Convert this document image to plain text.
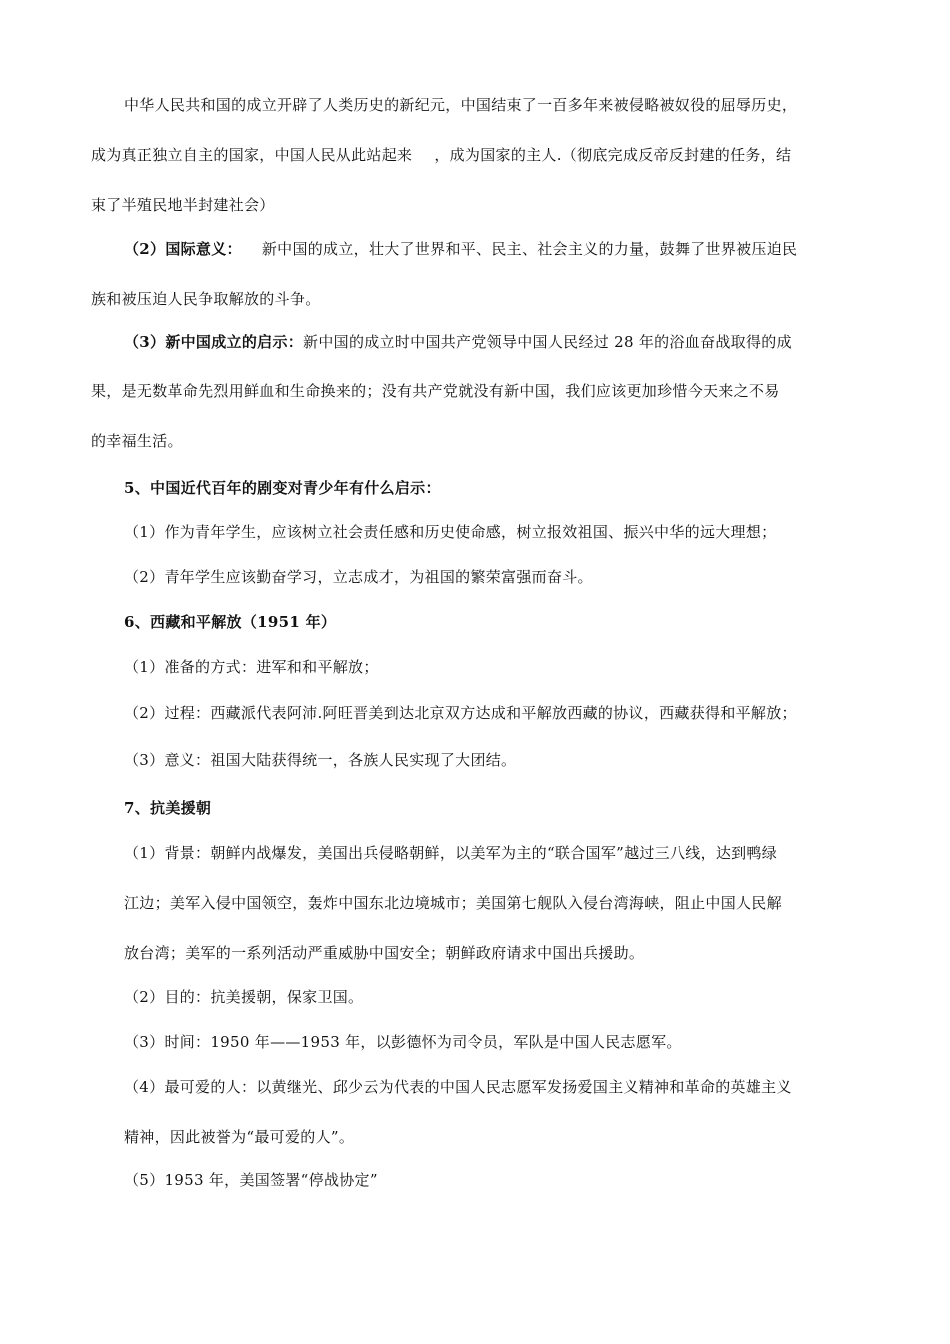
中华人民共和国的成立开辟了人类历史的新纪元，中国结束了一百多年来被侵略被奴役的屈辱历史，
成为真正独立自主的国家，中国人民从此站起来 ，成为国家的主人.（彻底完成反帝反封建的任务，结
束了半殖民地半封建社会）
（2）国际意义： 新中国的成立，壮大了世界和平、民主、社会主义的力量，鼓舞了世界被压迫民
族和被压迫人民争取解放的斗争。
（3）新中国成立的启示：新中国的成立时中国共产党领导中国人民经过 28 年的浴血奋战取得的成
果，是无数革命先烈用鲜血和生命换来的；没有共产党就没有新中国，我们应该更加珍惜今天来之不易
的幸福生活。
5、中国近代百年的剧变对青少年有什么启示：
（1）作为青年学生，应该树立社会责任感和历史使命感，树立报效祖国、振兴中华的远大理想；
（2）青年学生应该勤奋学习，立志成才，为祖国的繁荣富强而奋斗。
6、西藏和平解放（1951 年）
（1）准备的方式：进军和和平解放；
（2）过程：西藏派代表阿沛.阿旺晋美到达北京双方达成和平解放西藏的协议，西藏获得和平解放；
（3）意义：祖国大陆获得统一，各族人民实现了大团结。
7、抗美援朝
（1）背景：朝鲜内战爆发，美国出兵侵略朝鲜，以美军为主的“联合国军”越过三八线，达到鸭绿
江边；美军入侵中国领空，轰炸中国东北边境城市；美国第七舰队入侵台湾海峡，阻止中国人民解
放台湾；美军的一系列活动严重威胁中国安全；朝鲜政府请求中国出兵援助。
（2）目的：抗美援朝，保家卫国。
（3）时间：1950 年——1953 年，以彭德怀为司令员，军队是中国人民志愿军。
（4）最可爱的人：以黄继光、邱少云为代表的中国人民志愿军发扬爱国主义精神和革命的英雄主义
精神，因此被誉为“最可爱的人”。
（5）1953 年，美国签署“停战协定”
